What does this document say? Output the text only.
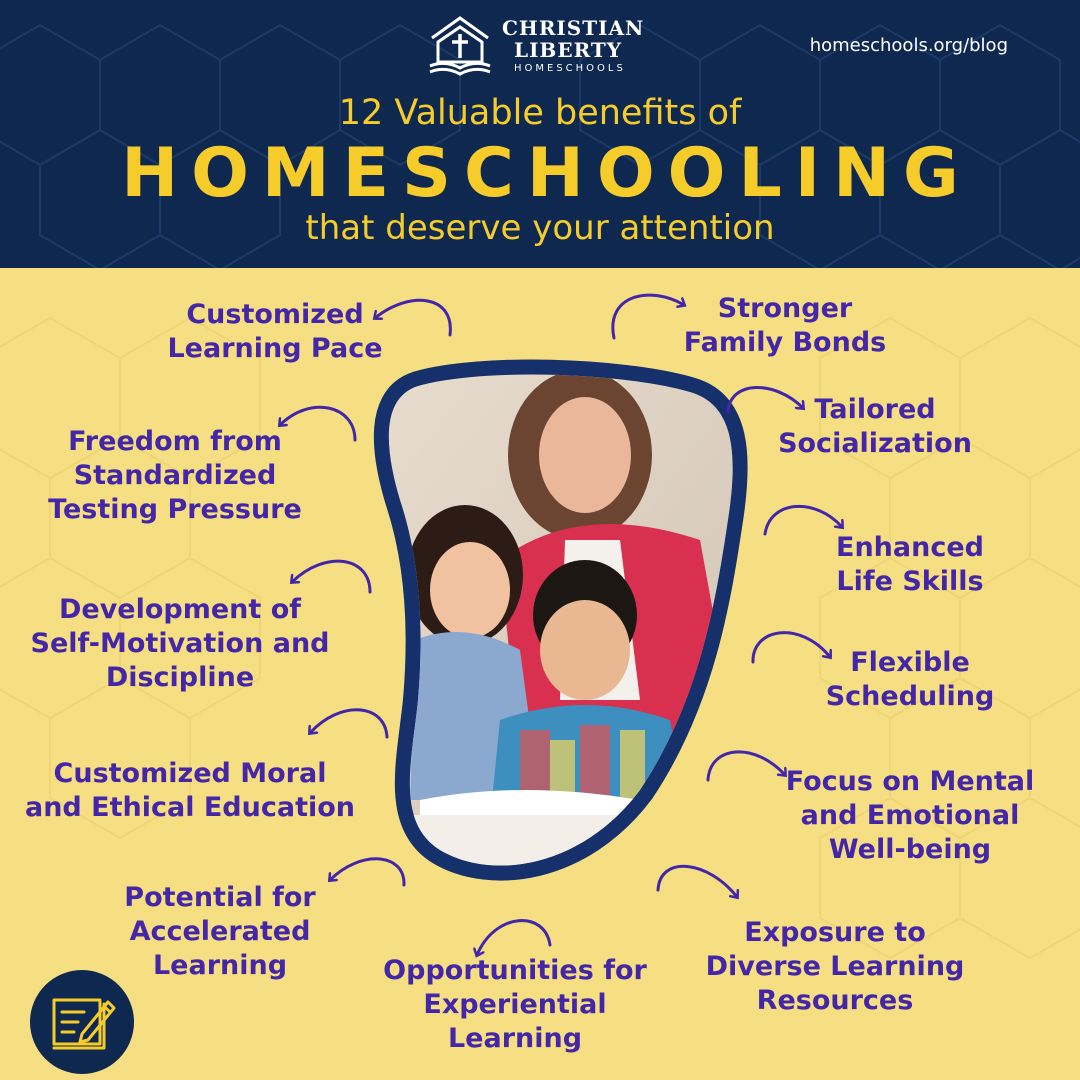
CHRISTIAN
LIBERTY
HOMESCHOOLS
homeschools.org/blog
12 Valuable benefits of
HOMESCHOOLING
that deserve your attention
Customized
Learning Pace
Stronger
Family Bonds
Tailored
Socialization
Freedom from
Standardized
Testing Pressure
Enhanced
Life Skills
Development of
Self-Motivation and
Discipline	Flexible
Scheduling
Customized Moral
and Ethical Education
Focus on Mental
and Emotional
Well-being
Potential for
Accelerated
Learning	Opportunities for
Experiential
Learning
Exposure to
Diverse Learning
Resources
